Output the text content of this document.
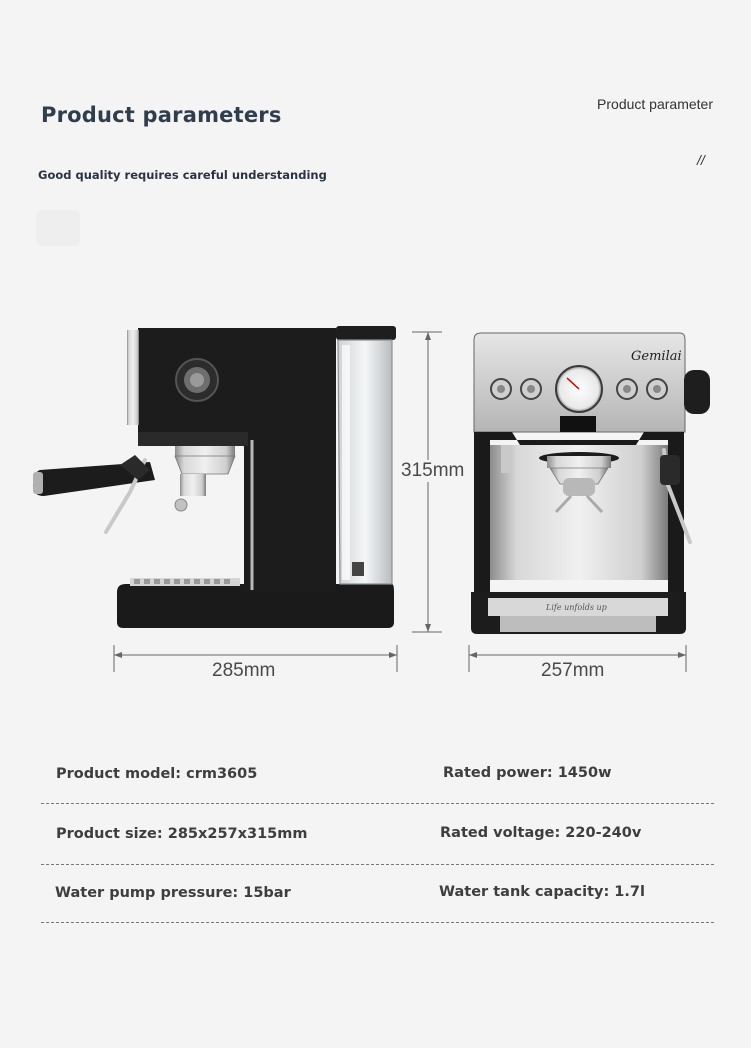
Product parameters	Product parameter
Good quality requires careful understanding
//
Gemilai
Life unfolds up
285mm
315mm
257mm
Product model: crm3605	Rated power: 1450w
Product size: 285x257x315mm	Rated voltage: 220-240v
Water pump pressure: 15bar	Water tank capacity: 1.7l
